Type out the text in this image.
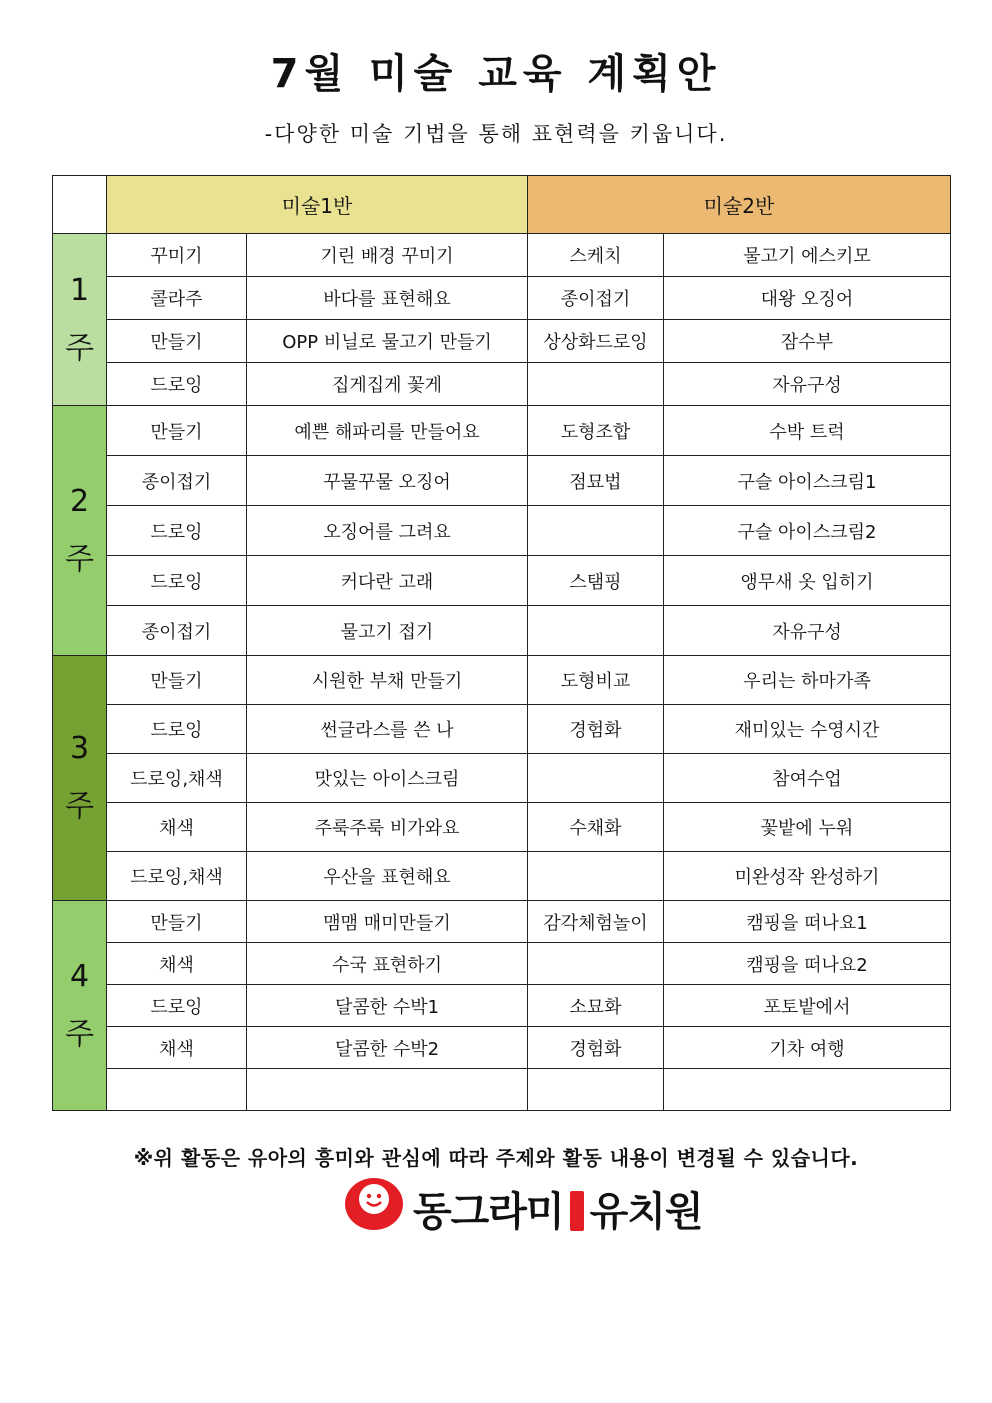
7월 미술 교육 계획안
-다양한 미술 기법을 통해 표현력을 키웁니다.
	미술1반		미술2반	

1
주	꾸미기	기린 배경 꾸미기	스케치	물고기 에스키모
	콜라주	바다를 표현해요	종이접기	대왕 오징어
	만들기	OPP 비닐로 물고기 만들기	상상화드로잉	잠수부
	드로잉	집게집게 꽃게		자유구성

2
주	만들기	예쁜 해파리를 만들어요	도형조합	수박 트럭
	종이접기	꾸물꾸물 오징어	점묘법	구슬 아이스크림1
	드로잉	오징어를 그려요		구슬 아이스크림2
	드로잉	커다란 고래	스탬핑	앵무새 옷 입히기
	종이접기	물고기 접기		자유구성

3
주	만들기	시원한 부채 만들기	도형비교	우리는 하마가족
	드로잉	썬글라스를 쓴 나	경험화	재미있는 수영시간
	드로잉,채색	맛있는 아이스크림		참여수업
	채색	주룩주룩 비가와요	수채화	꽃밭에 누워
	드로잉,채색	우산을 표현해요		미완성작 완성하기

4
주	만들기	맴맴 매미만들기	감각체험놀이	캠핑을 떠나요1
	채색	수국 표현하기		캠핑을 떠나요2
	드로잉	달콤한 수박1	소묘화	포토밭에서
	채색	달콤한 수박2	경험화	기차 여행

※위 활동은 유아의 흥미와 관심에 따라 주제와 활동 내용이 변경될 수 있습니다.
동그라미 유치원
